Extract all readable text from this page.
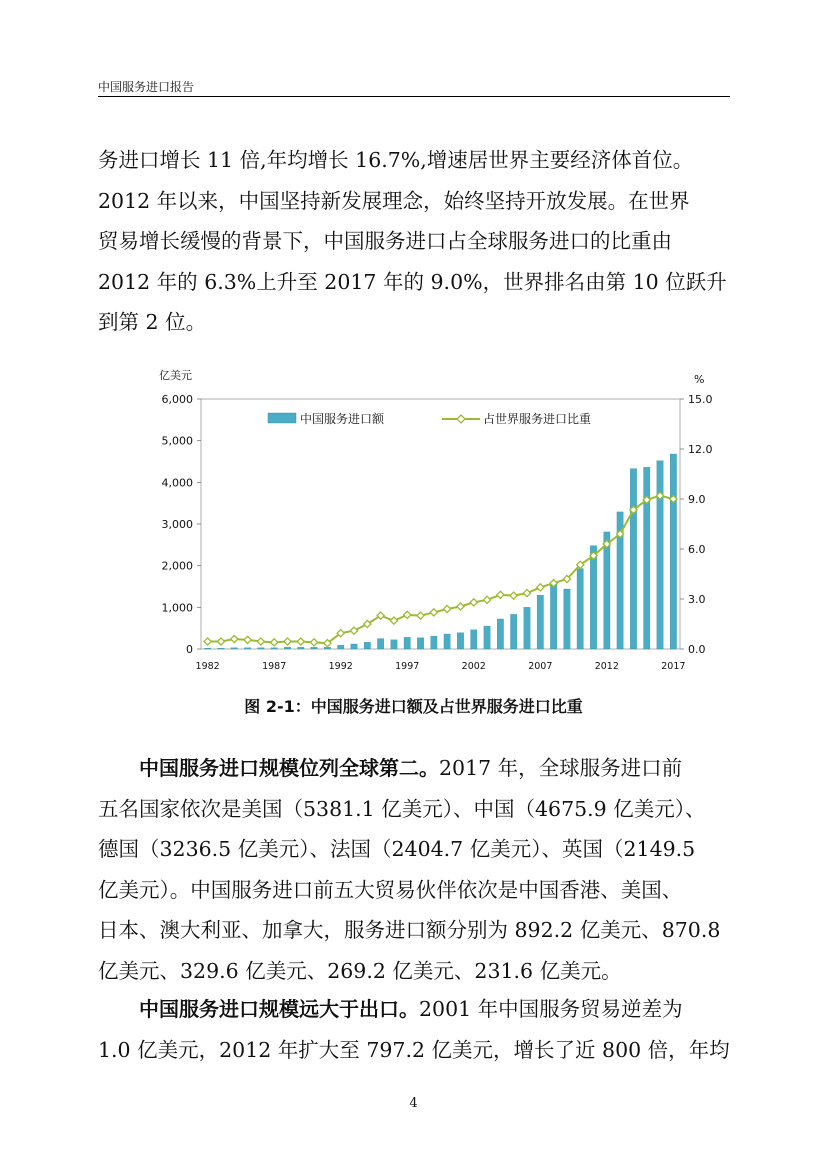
中国服务进口报告
务进口增长 11 倍,年均增长 16.7%,增速居世界主要经济体首位。
2012 年以来，中国坚持新发展理念，始终坚持开放发展。在世界
贸易增长缓慢的背景下，中国服务进口占全球服务进口的比重由
2012 年的 6.3%上升至 2017 年的 9.0%，世界排名由第 10 位跃升
到第 2 位。
亿美元	%
0
1,000
2,000
3,000
4,000
5,000
6,000
0.0
3.0
6.0
9.0
12.0
15.0
1982	1987	1992	1997	2002	2007	2012	2017
中国服务进口额	占世界服务进口比重
图 2-1：中国服务进口额及占世界服务进口比重
中国服务进口规模位列全球第二。2017 年，全球服务进口前
五名国家依次是美国（5381.1 亿美元）、中国（4675.9 亿美元）、
德国（3236.5 亿美元）、法国（2404.7 亿美元）、英国（2149.5
亿美元）。中国服务进口前五大贸易伙伴依次是中国香港、美国、
日本、澳大利亚、加拿大，服务进口额分别为 892.2 亿美元、870.8
亿美元、329.6 亿美元、269.2 亿美元、231.6 亿美元。
中国服务进口规模远大于出口。2001 年中国服务贸易逆差为
1.0 亿美元，2012 年扩大至 797.2 亿美元，增长了近 800 倍，年均
4
